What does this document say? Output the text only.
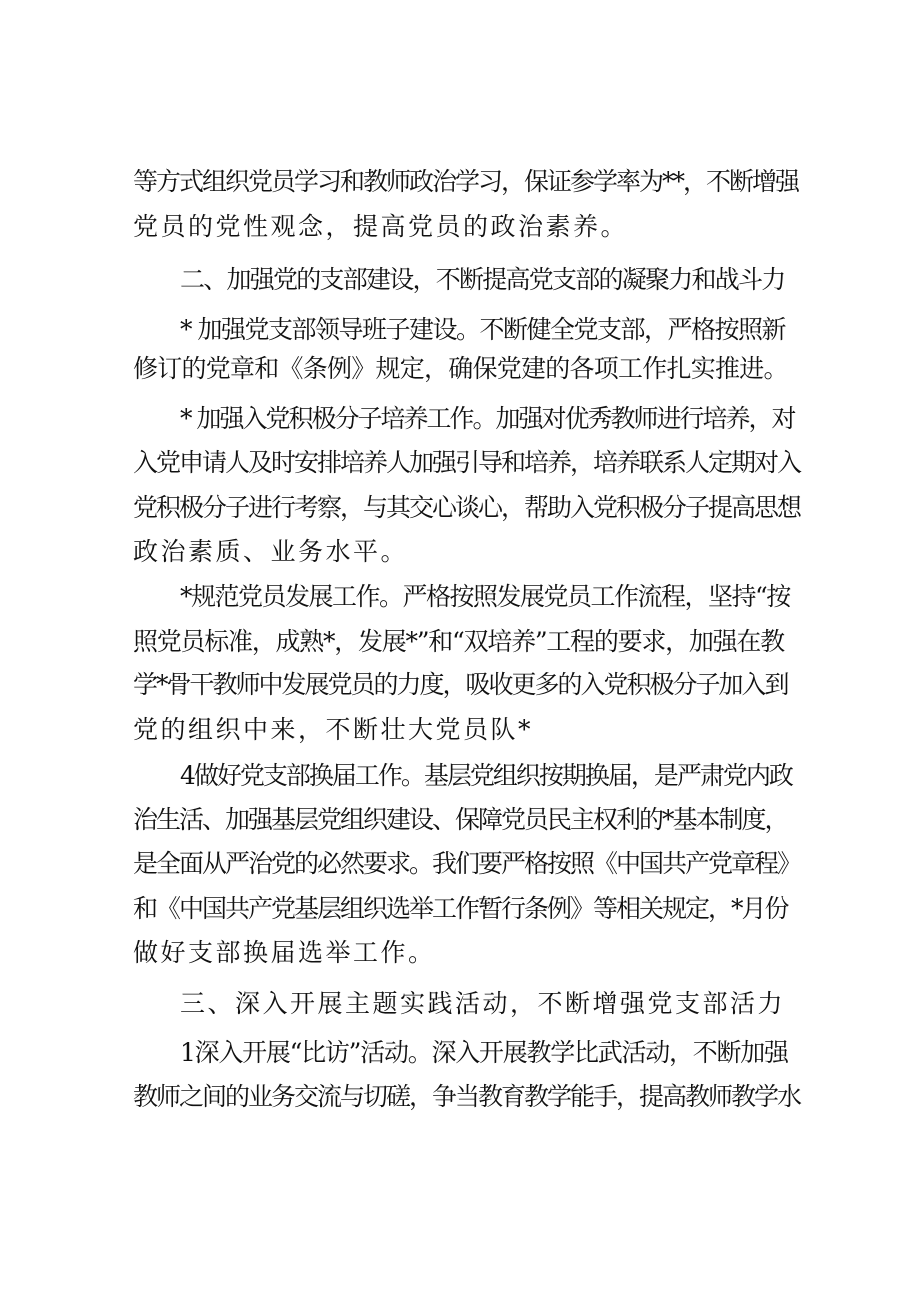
等方式组织党员学习和教师政治学习，保证参学率为**，不断增强
党员的党性观念，提高党员的政治素养。
二、加强党的支部建设，不断提高党支部的凝聚力和战斗力
* 加强党支部领导班子建设。不断健全党支部，严格按照新
修订的党章和《条例》规定，确保党建的各项工作扎实推进。
* 加强入党积极分子培养工作。加强对优秀教师进行培养，对
入党申请人及时安排培养人加强引导和培养，培养联系人定期对入
党积极分子进行考察，与其交心谈心，帮助入党积极分子提高思想
政治素质、业务水平。
*规范党员发展工作。严格按照发展党员工作流程，坚持“按
照党员标准，成熟*，发展*”和“双培养”工程的要求，加强在教
学*骨干教师中发展党员的力度，吸收更多的入党积极分子加入到
党的组织中来，不断壮大党员队*
4做好党支部换届工作。基层党组织按期换届，是严肃党内政
治生活、加强基层党组织建设、保障党员民主权利的*基本制度，
是全面从严治党的必然要求。我们要严格按照《中国共产党章程》
和《中国共产党基层组织选举工作暂行条例》等相关规定，*月份
做好支部换届选举工作。
三、深入开展主题实践活动，不断增强党支部活力
1深入开展“比访”活动。深入开展教学比武活动，不断加强
教师之间的业务交流与切磋，争当教育教学能手，提高教师教学水
